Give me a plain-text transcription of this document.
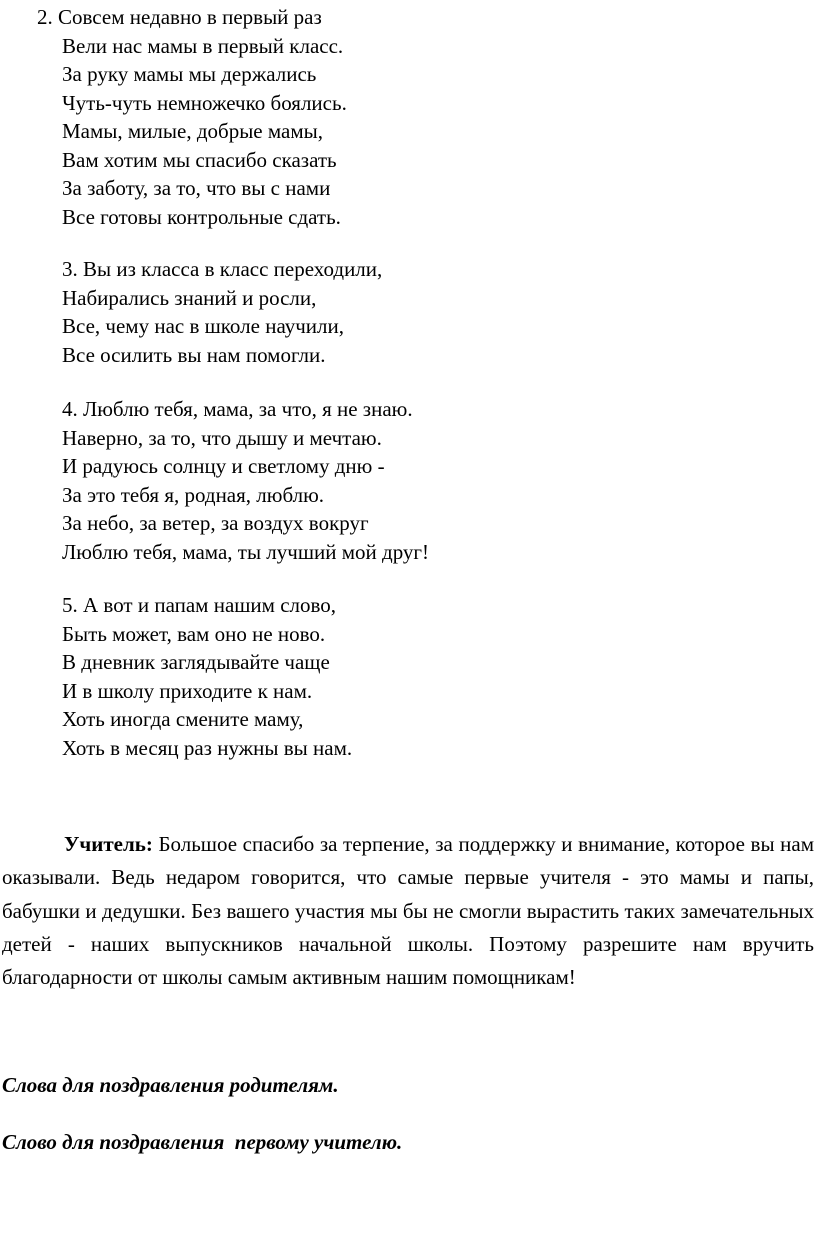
2. Совсем недавно в первый раз
Вели нас мамы в первый класс.
За руку мамы мы держались
Чуть-чуть немножечко боялись.
Мамы, милые, добрые мамы,
Вам хотим мы спасибо сказать
За заботу, за то, что вы с нами
Все готовы контрольные сдать.
3. Вы из класса в класс переходили,
Набирались знаний и росли,
Все, чему нас в школе научили,
Все осилить вы нам помогли.
4. Люблю тебя, мама, за что, я не знаю.
Наверно, за то, что дышу и мечтаю.
И радуюсь солнцу и светлому дню -
За это тебя я, родная, люблю.
За небо, за ветер, за воздух вокруг
Люблю тебя, мама, ты лучший мой друг!
5. А вот и папам нашим слово,
Быть может, вам оно не ново.
В дневник заглядывайте чаще
И в школу приходите к нам.
Хоть иногда смените маму,
Хоть в месяц раз нужны вы нам.

Учитель: Большое спасибо за терпение, за поддержку и внимание, которое вы нам оказывали. Ведь недаром говорится, что самые первые учителя - это мамы и папы, бабушки и дедушки. Без вашего участия мы бы не смогли вырастить таких замечательных детей - наших выпускников начальной школы. Поэтому разрешите нам вручить благодарности от школы самым активным нашим помощникам!

Слова для поздравления родителям.

Слово для поздравления  первому учителю.
